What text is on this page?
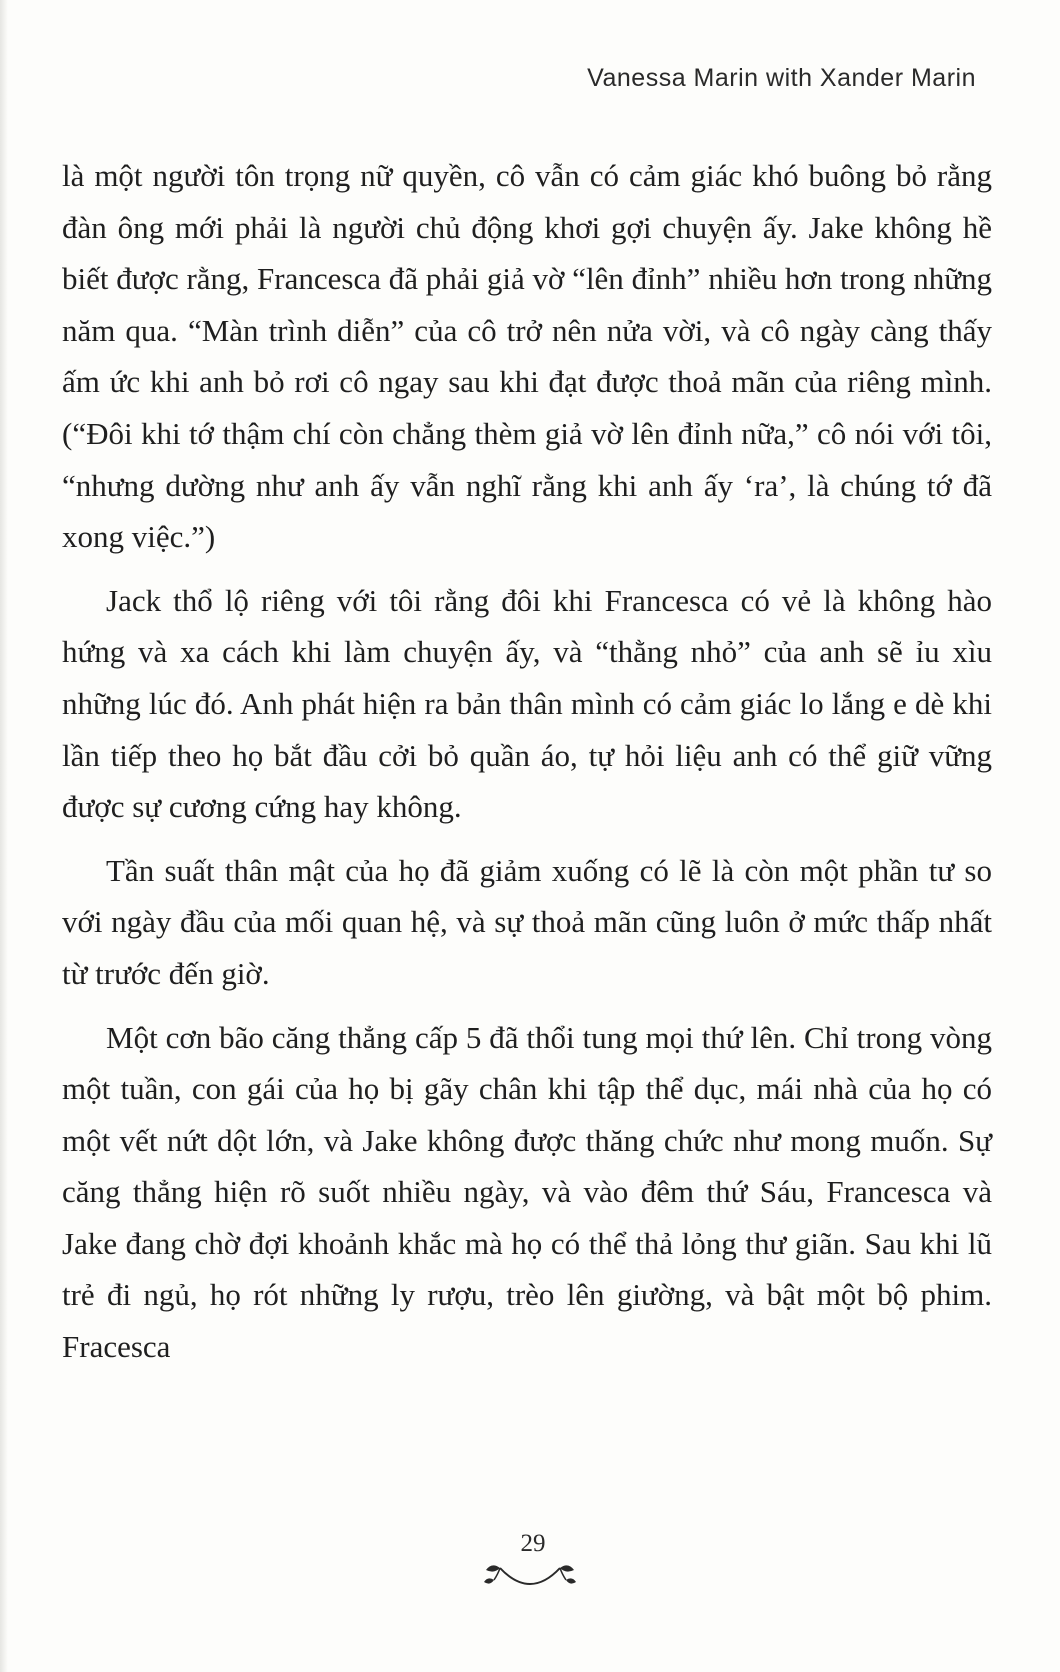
Vanessa Marin with Xander Marin

là một người tôn trọng nữ quyền, cô vẫn có cảm giác khó buông bỏ rằng đàn ông mới phải là người chủ động khơi gợi chuyện ấy. Jake không hề biết được rằng, Francesca đã phải giả vờ “lên đỉnh” nhiều hơn trong những năm qua. “Màn trình diễn” của cô trở nên nửa vời, và cô ngày càng thấy ấm ức khi anh bỏ rơi cô ngay sau khi đạt được thoả mãn của riêng mình. (“Đôi khi tớ thậm chí còn chẳng thèm giả vờ lên đỉnh nữa,” cô nói với tôi, “nhưng dường như anh ấy vẫn nghĩ rằng khi anh ấy ‘ra’, là chúng tớ đã xong việc.”)

Jack thổ lộ riêng với tôi rằng đôi khi Francesca có vẻ là không hào hứng và xa cách khi làm chuyện ấy, và “thằng nhỏ” của anh sẽ ỉu xìu những lúc đó. Anh phát hiện ra bản thân mình có cảm giác lo lắng e dè khi lần tiếp theo họ bắt đầu cởi bỏ quần áo, tự hỏi liệu anh có thể giữ vững được sự cương cứng hay không.

Tần suất thân mật của họ đã giảm xuống có lẽ là còn một phần tư so với ngày đầu của mối quan hệ, và sự thoả mãn cũng luôn ở mức thấp nhất từ trước đến giờ.

Một cơn bão căng thẳng cấp 5 đã thổi tung mọi thứ lên. Chỉ trong vòng một tuần, con gái của họ bị gãy chân khi tập thể dục, mái nhà của họ có một vết nứt dột lớn, và Jake không được thăng chức như mong muốn. Sự căng thẳng hiện rõ suốt nhiều ngày, và vào đêm thứ Sáu, Francesca và Jake đang chờ đợi khoảnh khắc mà họ có thể thả lỏng thư giãn. Sau khi lũ trẻ đi ngủ, họ rót những ly rượu, trèo lên giường, và bật một bộ phim. Fracesca

29
